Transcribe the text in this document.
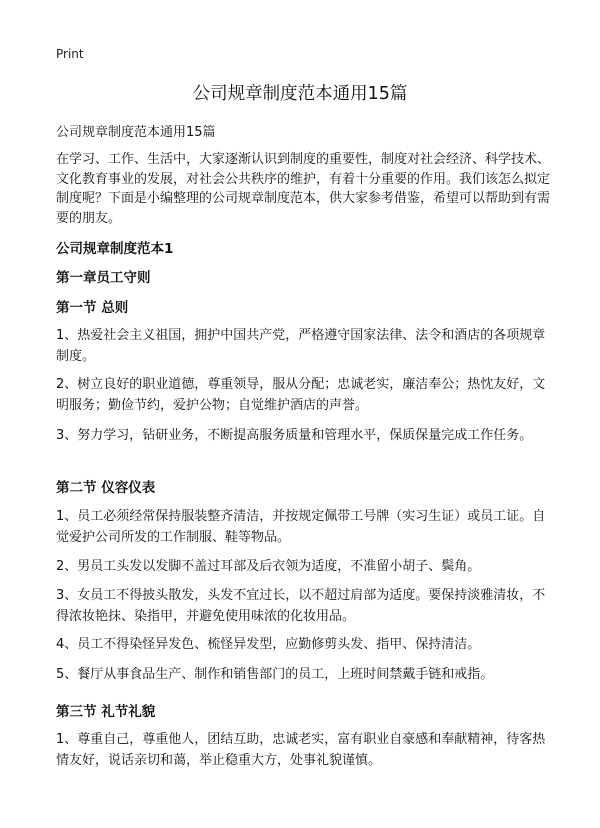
Print
公司规章制度范本通用15篇
公司规章制度范本通用15篇
在学习、工作、生活中，大家逐渐认识到制度的重要性，制度对社会经济、科学技术、文化教育事业的发展，对社会公共秩序的维护，有着十分重要的作用。我们该怎么拟定制度呢？下面是小编整理的公司规章制度范本，供大家参考借鉴，希望可以帮助到有需要的朋友。
公司规章制度范本1
第一章员工守则
第一节 总则

1、热爱社会主义祖国，拥护中国共产党，严格遵守国家法律、法令和酒店的各项规章制度。

2、树立良好的职业道德，尊重领导，服从分配；忠诚老实，廉洁奉公；热忱友好，文明服务；勤俭节约，爱护公物；自觉维护酒店的声誉。

3、努力学习，钻研业务，不断提高服务质量和管理水平，保质保量完成工作任务。

第二节 仪容仪表

1、员工必须经常保持服装整齐清洁，并按规定佩带工号牌（实习生证）或员工证。自觉爱护公司所发的工作制服、鞋等物品。

2、男员工头发以发脚不盖过耳部及后衣领为适度，不准留小胡子、鬓角。

3、女员工不得披头散发，头发不宜过长，以不超过肩部为适度。要保持淡雅清妆，不得浓妆艳抹、染指甲，并避免使用味浓的化妆用品。

4、员工不得染怪异发色、梳怪异发型，应勤修剪头发、指甲、保持清洁。

5、餐厅从事食品生产、制作和销售部门的员工，上班时间禁戴手链和戒指。

第三节 礼节礼貌

1、尊重自己，尊重他人，团结互助，忠诚老实，富有职业自豪感和奉献精神，待客热情友好，说话亲切和蔼，举止稳重大方，处事礼貌谨慎。
